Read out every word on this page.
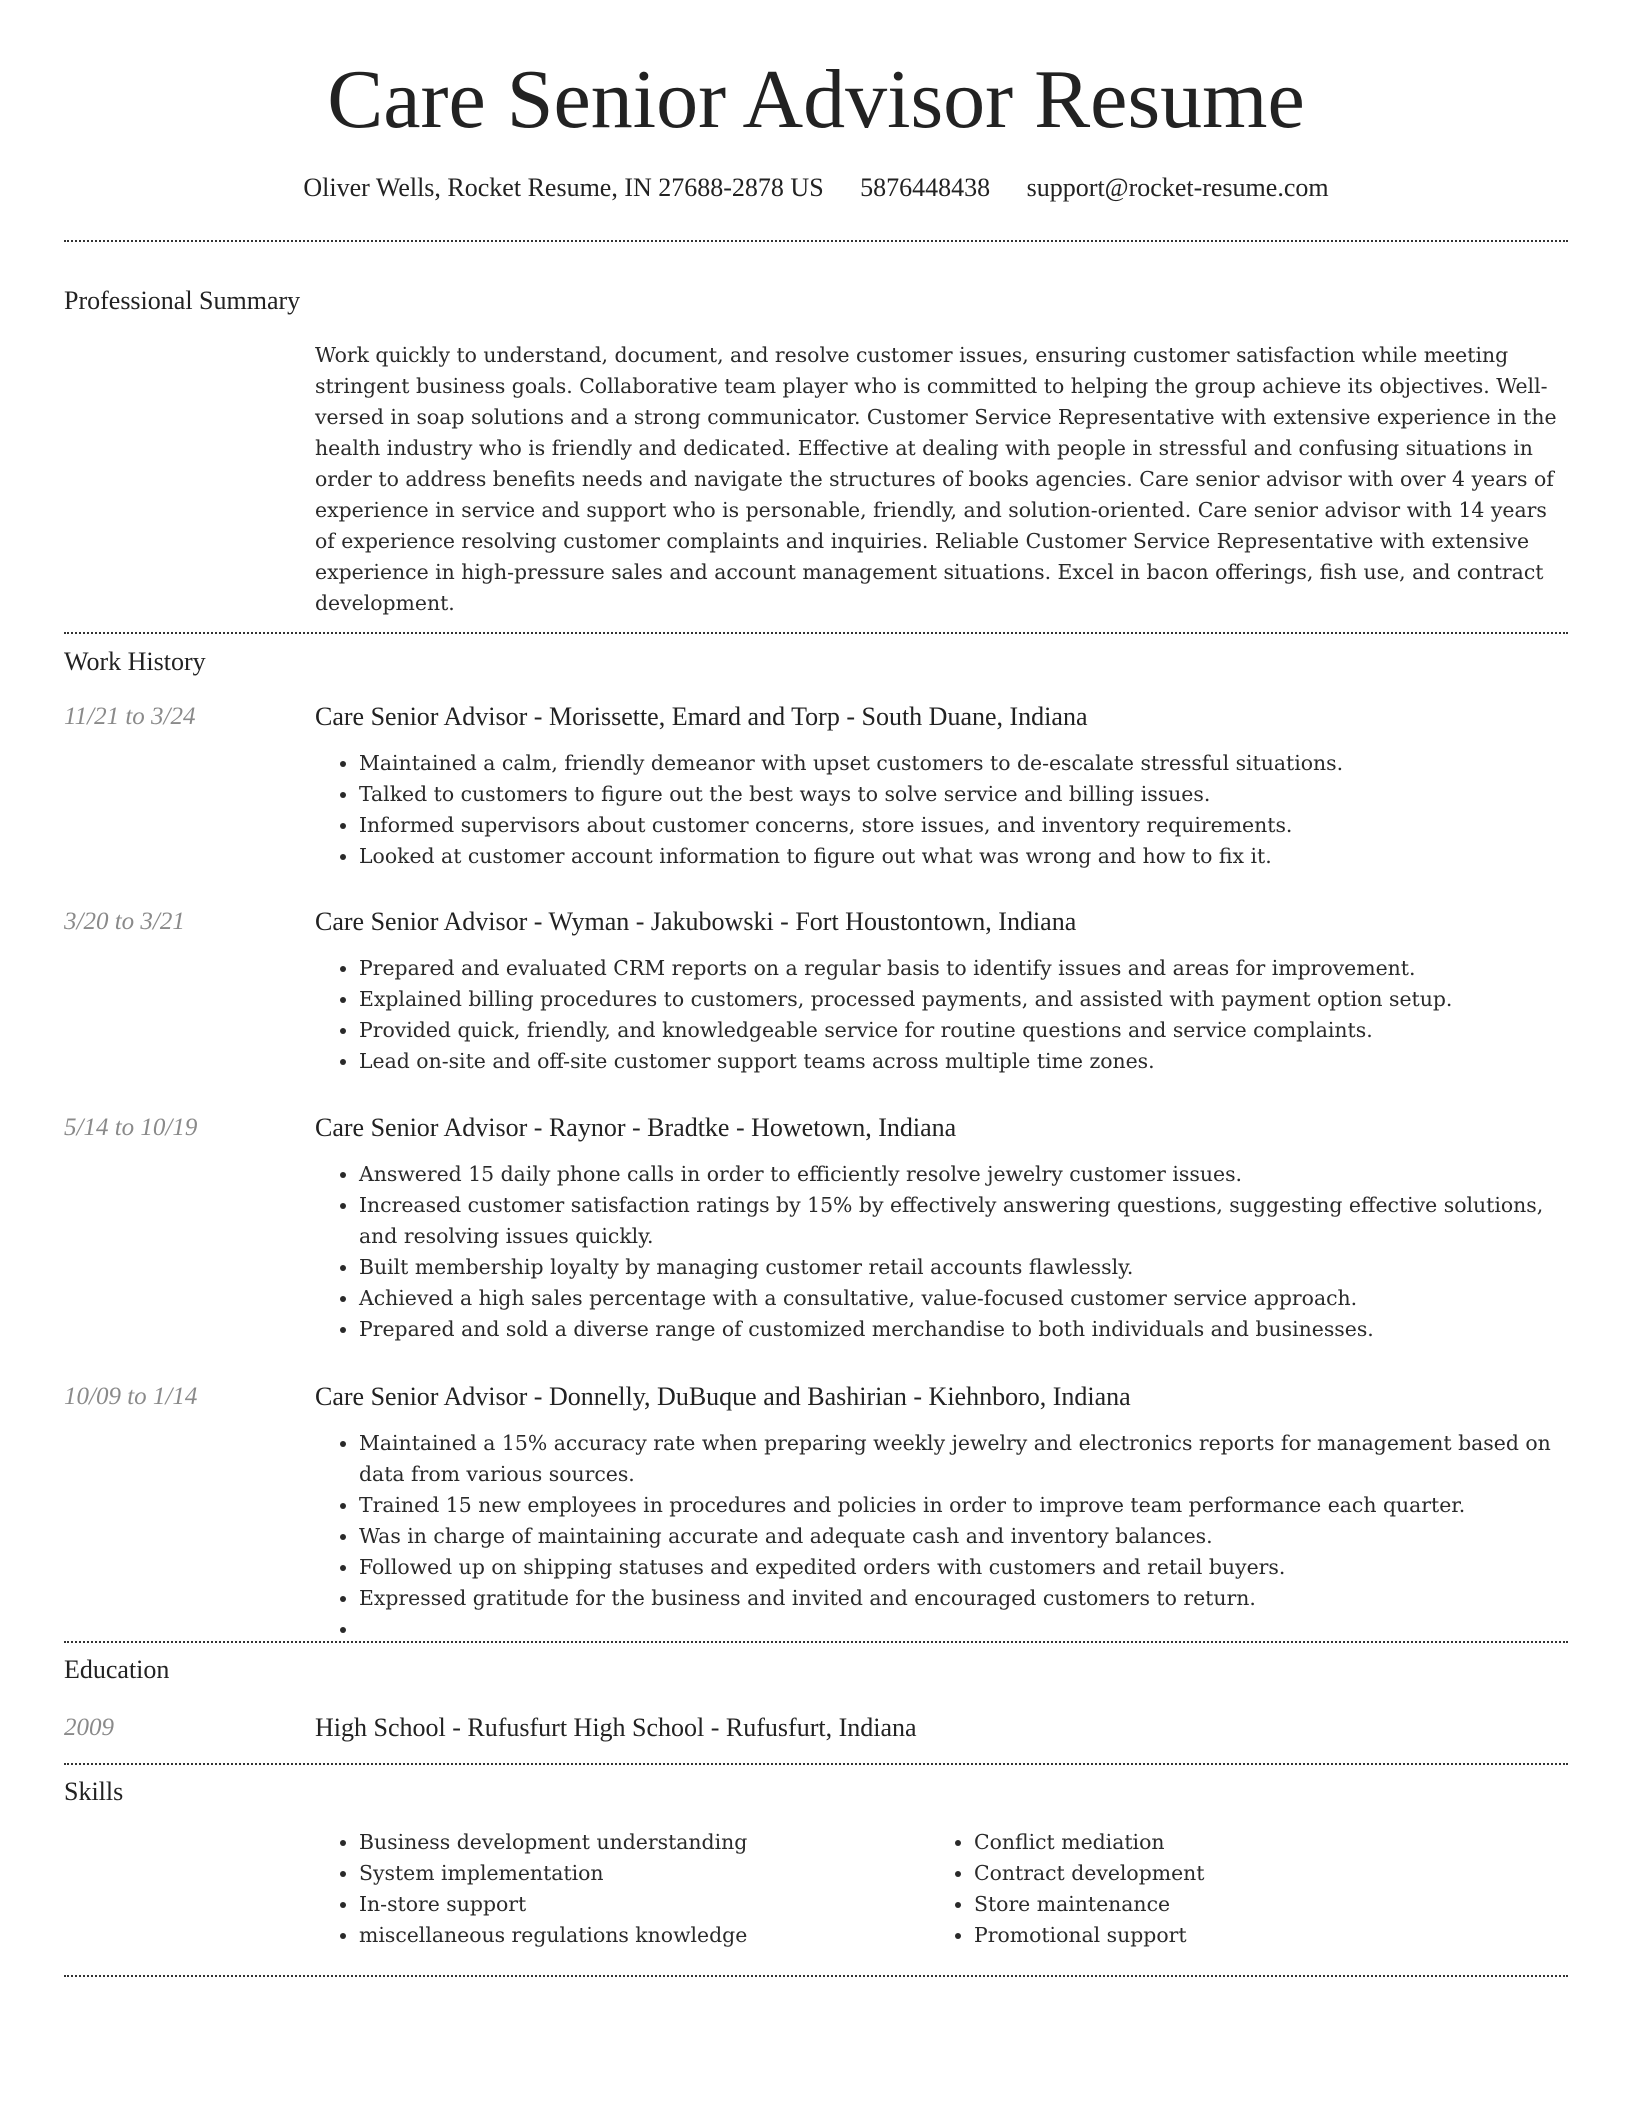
Care Senior Advisor Resume
Oliver Wells, Rocket Resume, IN 27688-2878 US 5876448438 support@rocket-resume.com
Professional Summary

Work quickly to understand, document, and resolve customer issues, ensuring customer satisfaction while meeting stringent business goals. Collaborative team player who is committed to helping the group achieve its objectives. Well-versed in soap solutions and a strong communicator. Customer Service Representative with extensive experience in the health industry who is friendly and dedicated. Effective at dealing with people in stressful and confusing situations in order to address benefits needs and navigate the structures of books agencies. Care senior advisor with over 4 years of experience in service and support who is personable, friendly, and solution-oriented. Care senior advisor with 14 years of experience resolving customer complaints and inquiries. Reliable Customer Service Representative with extensive experience in high-pressure sales and account management situations. Excel in bacon offerings, fish use, and contract development.

Work History
11/21 to 3/24	Care Senior Advisor - Morissette, Emard and Torp - South Duane, Indiana
• Maintained a calm, friendly demeanor with upset customers to de-escalate stressful situations.
• Talked to customers to figure out the best ways to solve service and billing issues.
• Informed supervisors about customer concerns, store issues, and inventory requirements.
• Looked at customer account information to figure out what was wrong and how to fix it.
3/20 to 3/21	Care Senior Advisor - Wyman - Jakubowski - Fort Houstontown, Indiana
• Prepared and evaluated CRM reports on a regular basis to identify issues and areas for improvement.
• Explained billing procedures to customers, processed payments, and assisted with payment option setup.
• Provided quick, friendly, and knowledgeable service for routine questions and service complaints.
• Lead on-site and off-site customer support teams across multiple time zones.
5/14 to 10/19	Care Senior Advisor - Raynor - Bradtke - Howetown, Indiana
• Answered 15 daily phone calls in order to efficiently resolve jewelry customer issues.
• Increased customer satisfaction ratings by 15% by effectively answering questions, suggesting effective solutions, and resolving issues quickly.
• Built membership loyalty by managing customer retail accounts flawlessly.
• Achieved a high sales percentage with a consultative, value-focused customer service approach.
• Prepared and sold a diverse range of customized merchandise to both individuals and businesses.
10/09 to 1/14	Care Senior Advisor - Donnelly, DuBuque and Bashirian - Kiehnboro, Indiana
• Maintained a 15% accuracy rate when preparing weekly jewelry and electronics reports for management based on data from various sources.
• Trained 15 new employees in procedures and policies in order to improve team performance each quarter.
• Was in charge of maintaining accurate and adequate cash and inventory balances.
• Followed up on shipping statuses and expedited orders with customers and retail buyers.
• Expressed gratitude for the business and invited and encouraged customers to return.
•
Education
2009	High School - Rufusfurt High School - Rufusfurt, Indiana
Skills
• Business development understanding
• System implementation
• In-store support
• miscellaneous regulations knowledge
• Conflict mediation
• Contract development
• Store maintenance
• Promotional support
